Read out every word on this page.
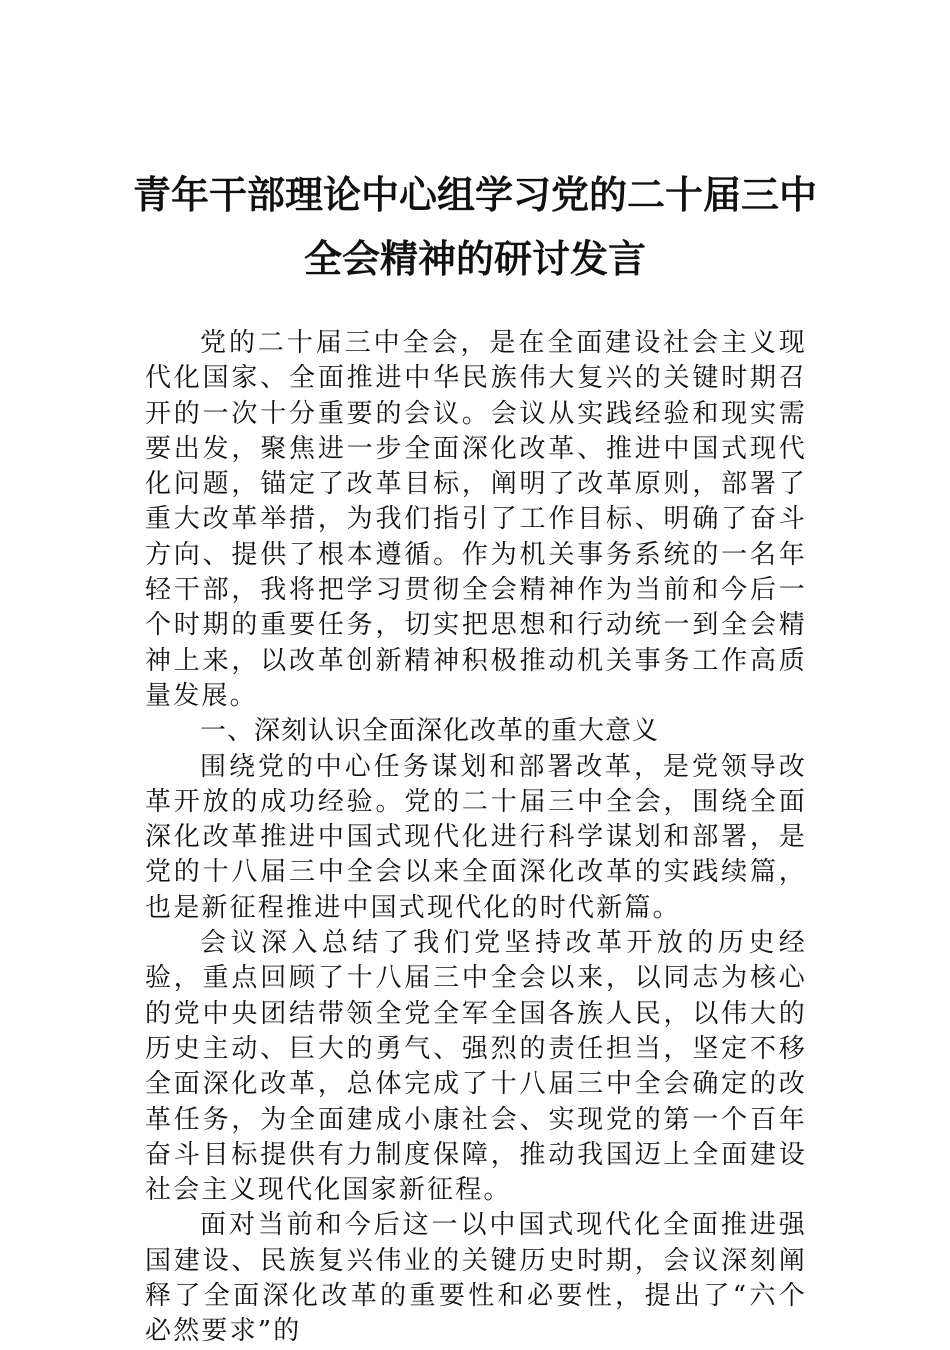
青年干部理论中心组学习党的二十届三中
全会精神的研讨发言

党的二十届三中全会，是在全面建设社会主义现代化国家、全面推进中华民族伟大复兴的关键时期召开的一次十分重要的会议。会议从实践经验和现实需要出发，聚焦进一步全面深化改革、推进中国式现代化问题，锚定了改革目标，阐明了改革原则，部署了重大改革举措，为我们指引了工作目标、明确了奋斗方向、提供了根本遵循。作为机关事务系统的一名年轻干部，我将把学习贯彻全会精神作为当前和今后一个时期的重要任务，切实把思想和行动统一到全会精神上来，以改革创新精神积极推动机关事务工作高质量发展。

一、深刻认识全面深化改革的重大意义

围绕党的中心任务谋划和部署改革，是党领导改革开放的成功经验。党的二十届三中全会，围绕全面深化改革推进中国式现代化进行科学谋划和部署，是党的十八届三中全会以来全面深化改革的实践续篇，也是新征程推进中国式现代化的时代新篇。

会议深入总结了我们党坚持改革开放的历史经验，重点回顾了十八届三中全会以来，以同志为核心的党中央团结带领全党全军全国各族人民，以伟大的历史主动、巨大的勇气、强烈的责任担当，坚定不移全面深化改革，总体完成了十八届三中全会确定的改革任务，为全面建成小康社会、实现党的第一个百年奋斗目标提供有力制度保障，推动我国迈上全面建设社会主义现代化国家新征程。

面对当前和今后这一以中国式现代化全面推进强国建设、民族复兴伟业的关键历史时期，会议深刻阐释了全面深化改革的重要性和必要性，提出了“六个必然要求”的
